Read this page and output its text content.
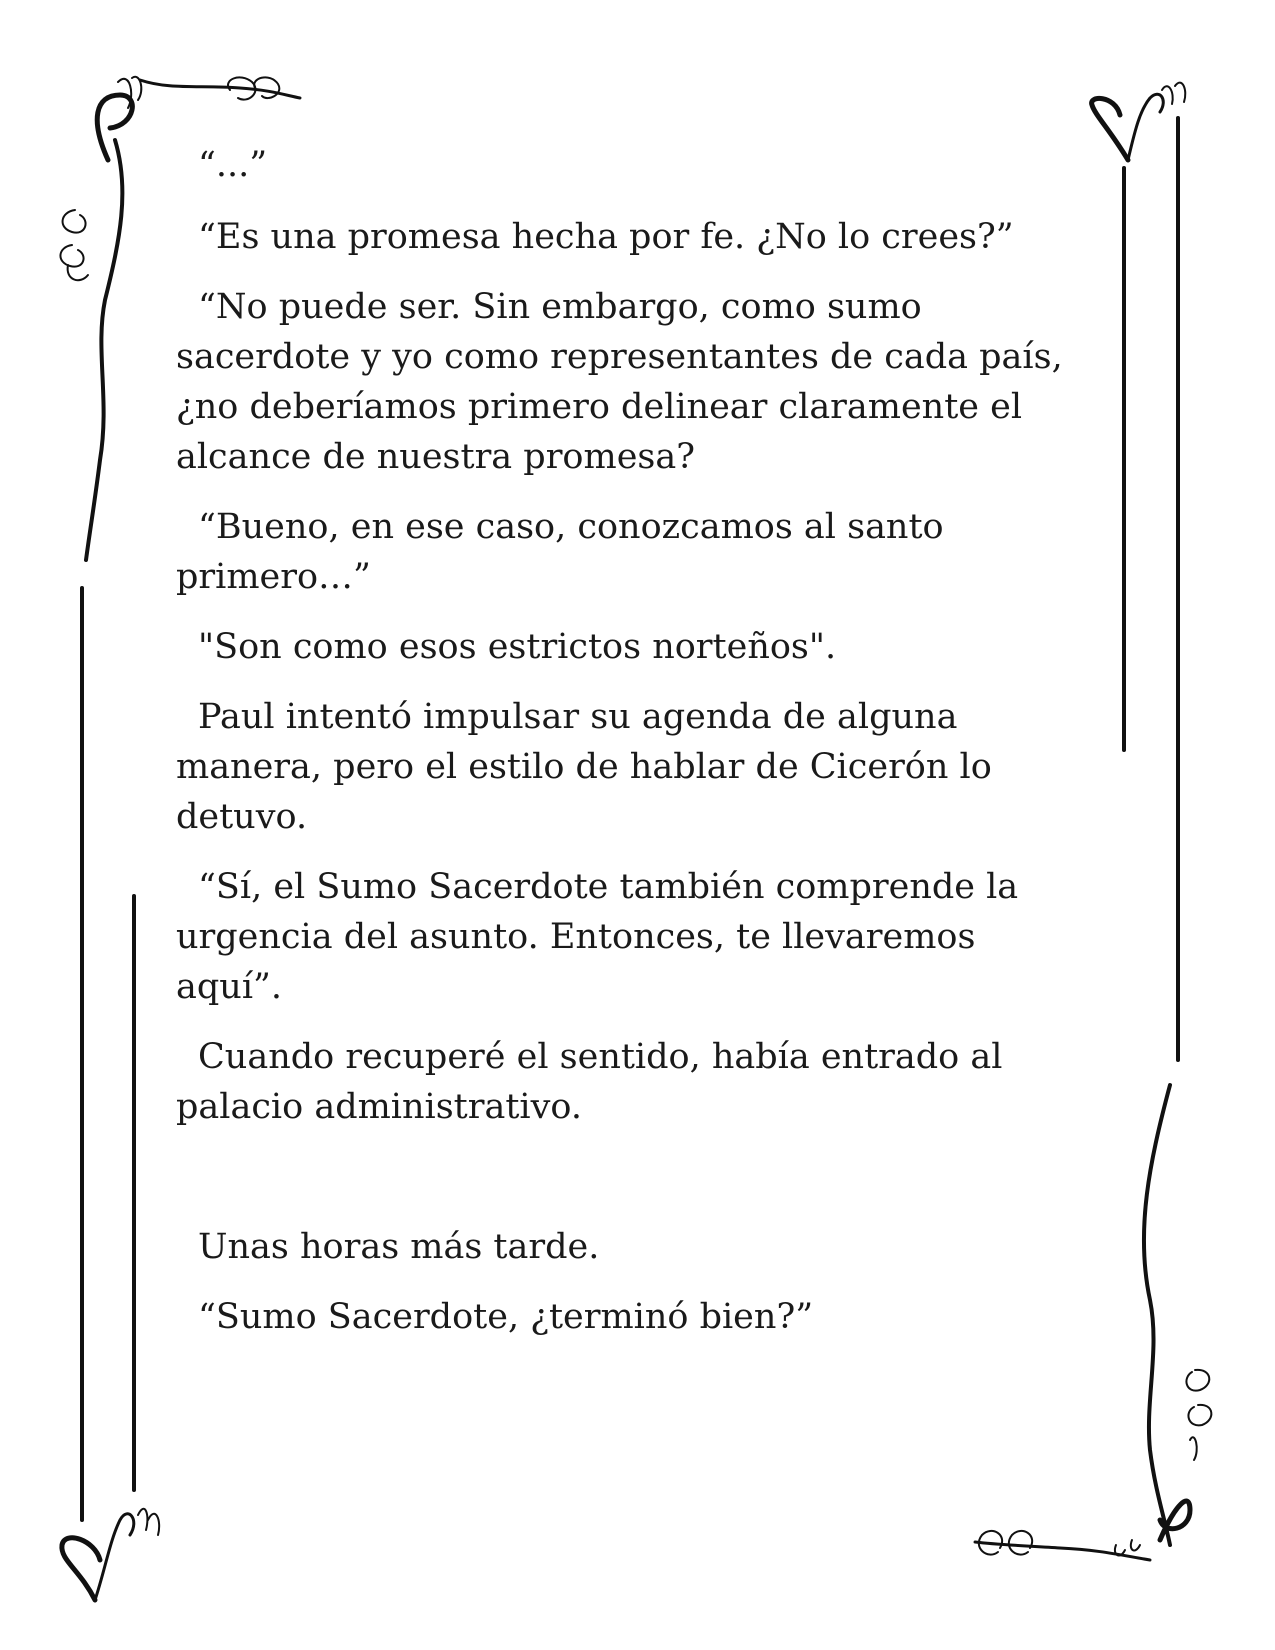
“...”

“Es una promesa hecha por fe. ¿No lo crees?”

“No puede ser. Sin embargo, como sumo sacerdote y yo como representantes de cada país, ¿no deberíamos primero delinear claramente el alcance de nuestra promesa?

“Bueno, en ese caso, conozcamos al santo primero…”

"Son como esos estrictos norteños".

Paul intentó impulsar su agenda de alguna manera, pero el estilo de hablar de Cicerón lo detuvo.

“Sí, el Sumo Sacerdote también comprende la urgencia del asunto. Entonces, te llevaremos aquí”.

Cuando recuperé el sentido, había entrado al palacio administrativo.

Unas horas más tarde.

“Sumo Sacerdote, ¿terminó bien?”
